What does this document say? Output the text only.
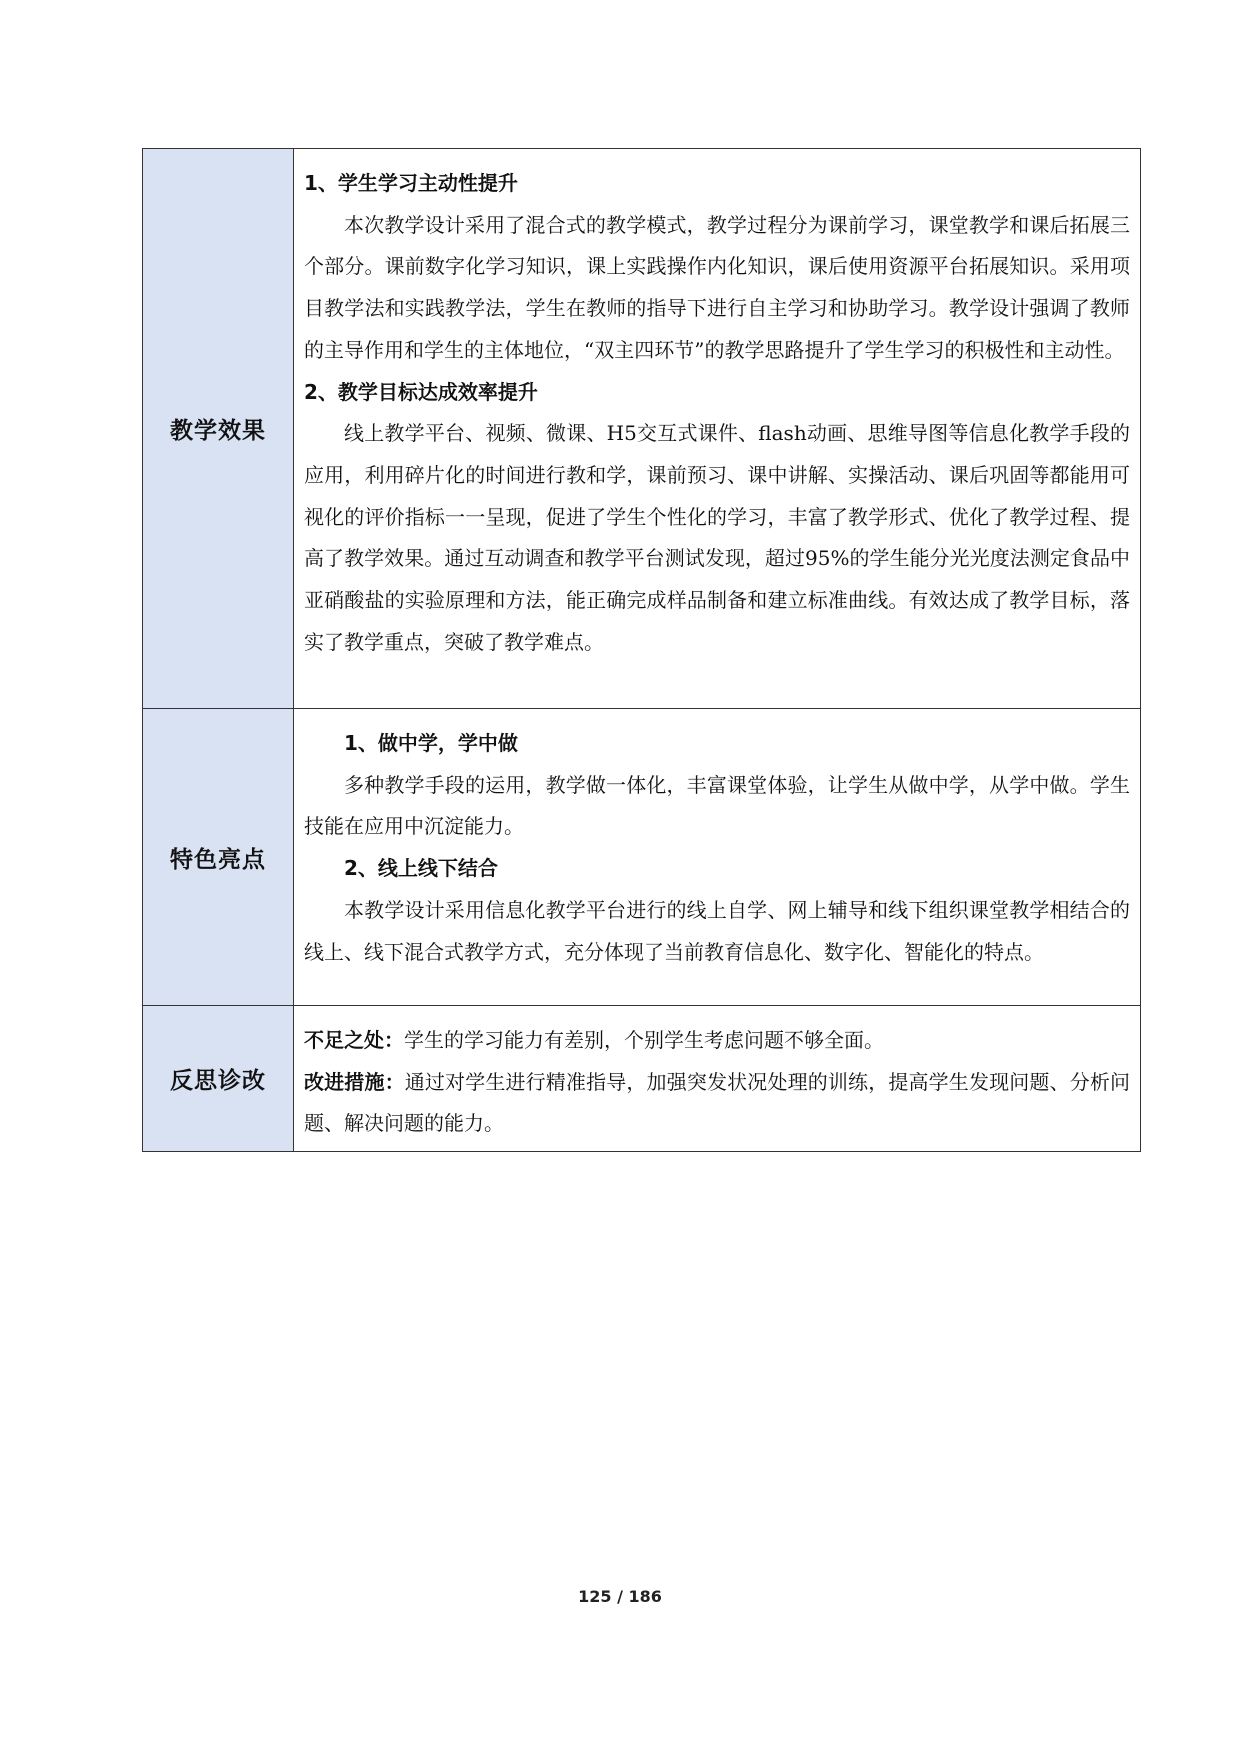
教学效果	1、学生学习主动性提升

本次教学设计采用了混合式的教学模式，教学过程分为课前学习，课堂教学和课后拓展三个部分。课前数字化学习知识，课上实践操作内化知识，课后使用资源平台拓展知识。采用项目教学法和实践教学法，学生在教师的指导下进行自主学习和协助学习。教学设计强调了教师的主导作用和学生的主体地位，“双主四环节”的教学思路提升了学生学习的积极性和主动性。

2、教学目标达成效率提升

线上教学平台、视频、微课、H5交互式课件、flash动画、思维导图等信息化教学手段的应用，利用碎片化的时间进行教和学，课前预习、课中讲解、实操活动、课后巩固等都能用可视化的评价指标一一呈现，促进了学生个性化的学习，丰富了教学形式、优化了教学过程、提高了教学效果。通过互动调查和教学平台测试发现，超过95%的学生能分光光度法测定食品中亚硝酸盐的实验原理和方法，能正确完成样品制备和建立标准曲线。有效达成了教学目标，落实了教学重点，突破了教学难点。

特色亮点	1、做中学，学中做

多种教学手段的运用，教学做一体化，丰富课堂体验，让学生从做中学，从学中做。学生技能在应用中沉淀能力。

2、线上线下结合

本教学设计采用信息化教学平台进行的线上自学、网上辅导和线下组织课堂教学相结合的线上、线下混合式教学方式，充分体现了当前教育信息化、数字化、智能化的特点。

反思诊改	不足之处：学生的学习能力有差别，个别学生考虑问题不够全面。

改进措施：通过对学生进行精准指导，加强突发状况处理的训练，提高学生发现问题、分析问题、解决问题的能力。

125 / 186
